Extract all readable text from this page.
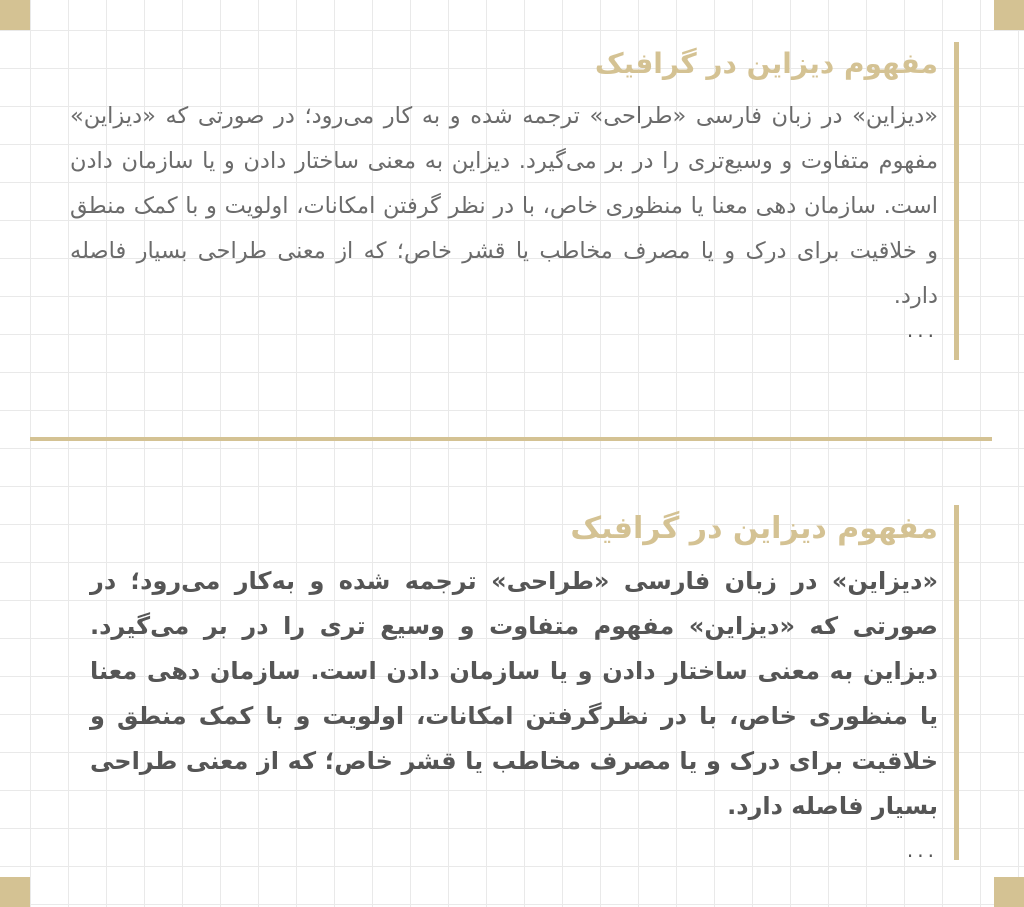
مفهوم دیزاین در گرافیک

«دیزاین» در زبان فارسی «طراحی» ترجمه شده و به کار می‌رود؛ در صورتی که «دیزاین» مفهوم متفاوت و وسیع‌تری را در بر می‌گیرد. دیزاین به معنی ساختار دادن و یا سازمان دادن است. سازمان دهی معنا یا منظوری خاص، با در نظر گرفتن امکانات، اولویت و با کمک منطق و خلاقیت برای درک و یا مصرف مخاطب یا قشر خاص؛ که از معنی طراحی بسیار فاصله دارد.

...
مفهوم دیزاین در گرافیک

«دیزاین» در زبان فارسی «طراحی» ترجمه شده و به‌کار می‌رود؛ در صورتی که «دیزاین» مفهوم متفاوت و وسیع تری را در بر می‌گیرد. دیزاین به معنی ساختار دادن و یا سازمان دادن است. سازمان دهی معنا یا منظوری خاص، با در نظرگرفتن امکانات، اولویت و با کمک منطق و خلاقیت برای درک و یا مصرف مخاطب یا قشر خاص؛ که از معنی طراحی بسیار فاصله دارد.

...
